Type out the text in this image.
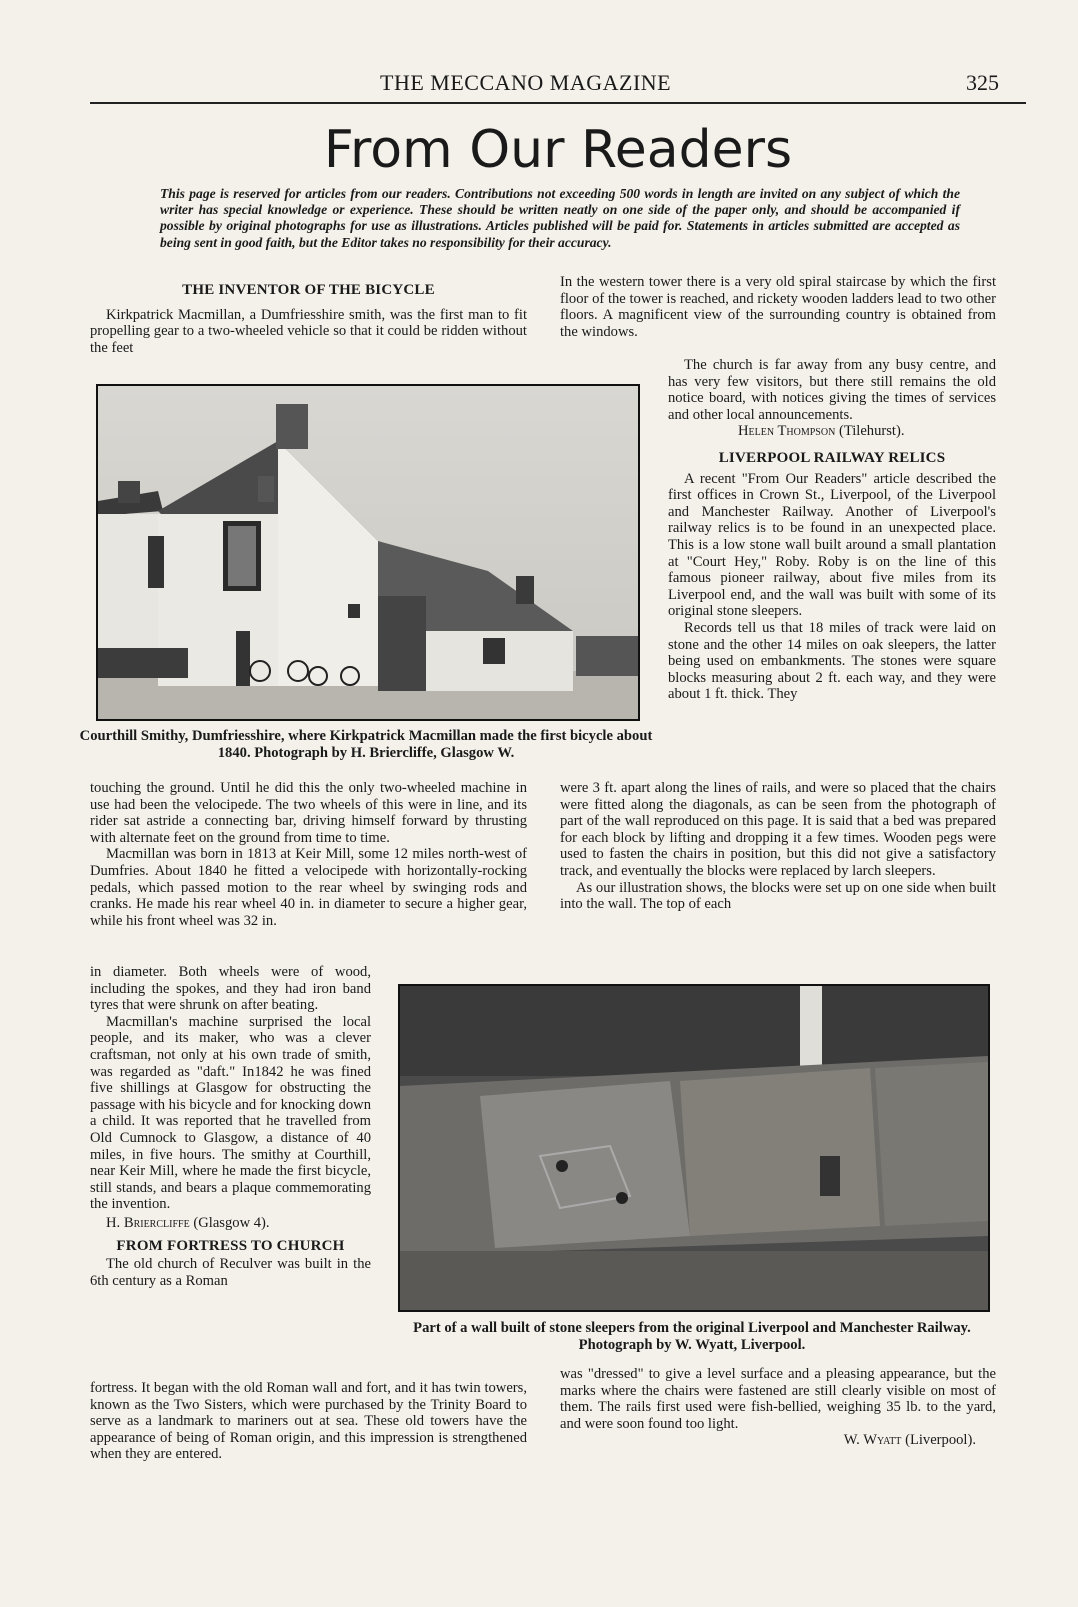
THE MECCANO MAGAZINE	325
From Our Readers
This page is reserved for articles from our readers. Contributions not exceeding 500 words in length are invited on any subject of which the writer has special knowledge or experience. These should be written neatly on one side of the paper only, and should be accompanied if possible by original photographs for use as illustrations. Articles published will be paid for. Statements in articles submitted are accepted as being sent in good faith, but the Editor takes no responsibility for their accuracy.
THE INVENTOR OF THE BICYCLE

Kirkpatrick Macmillan, a Dumfriesshire smith, was the first man to fit propelling gear to a two-wheeled vehicle so that it could be ridden without the feet

Courthill Smithy, Dumfriesshire, where Kirkpatrick Macmillan made the first bicycle about 1840. Photograph by H. Briercliffe, Glasgow W.

touching the ground. Until he did this the only two-wheeled machine in use had been the velocipede. The two wheels of this were in line, and its rider sat astride a connecting bar, driving himself forward by thrusting with alternate feet on the ground from time to time.

Macmillan was born in 1813 at Keir Mill, some 12 miles north-west of Dumfries. About 1840 he fitted a velocipede with horizontally-rocking pedals, which passed motion to the rear wheel by swinging rods and cranks. He made his rear wheel 40 in. in diameter to secure a higher gear, while his front wheel was 32 in.

in diameter. Both wheels were of wood, including the spokes, and they had iron band tyres that were shrunk on after beating.

Macmillan's machine surprised the local people, and its maker, who was a clever craftsman, not only at his own trade of smith, was regarded as "daft." In1842 he was fined five shillings at Glasgow for obstructing the passage with his bicycle and for knocking down a child. It was reported that he travelled from Old Cumnock to Glasgow, a distance of 40 miles, in five hours. The smithy at Courthill, near Keir Mill, where he made the first bicycle, still stands, and bears a plaque commemorating the invention.

H. Briercliffe (Glasgow 4).
FROM FORTRESS TO CHURCH

The old church of Reculver was built in the 6th century as a Roman

fortress. It began with the old Roman wall and fort, and it has twin towers, known as the Two Sisters, which were purchased by the Trinity Board to serve as a landmark to mariners out at sea. These old towers have the appearance of being of Roman origin, and this impression is strengthened when they are entered.

In the western tower there is a very old spiral staircase by which the first floor of the tower is reached, and rickety wooden ladders lead to two other floors. A magnificent view of the surrounding country is obtained from the windows.

The church is far away from any busy centre, and has very few visitors, but there still remains the old notice board, with notices giving the times of services and other local announcements.

Helen Thompson (Tilehurst).
LIVERPOOL RAILWAY RELICS

A recent "From Our Readers" article described the first offices in Crown St., Liverpool, of the Liverpool and Manchester Railway. Another of Liverpool's railway relics is to be found in an unexpected place. This is a low stone wall built around a small plantation at "Court Hey," Roby. Roby is on the line of this famous pioneer railway, about five miles from its Liverpool end, and the wall was built with some of its original stone sleepers.

Records tell us that 18 miles of track were laid on stone and the other 14 miles on oak sleepers, the latter being used on embankments. The stones were square blocks measuring about 2 ft. each way, and they were about 1 ft. thick. They

were 3 ft. apart along the lines of rails, and were so placed that the chairs were fitted along the diagonals, as can be seen from the photograph of part of the wall reproduced on this page. It is said that a bed was prepared for each block by lifting and dropping it a few times. Wooden pegs were used to fasten the chairs in position, but this did not give a satisfactory track, and eventually the blocks were replaced by larch sleepers.

As our illustration shows, the blocks were set up on one side when built into the wall. The top of each

Part of a wall built of stone sleepers from the original Liverpool and Manchester Railway. Photograph by W. Wyatt, Liverpool.

was "dressed" to give a level surface and a pleasing appearance, but the marks where the chairs were fastened are still clearly visible on most of them. The rails first used were fish-bellied, weighing 35 lb. to the yard, and were soon found too light.

W. Wyatt (Liverpool).
